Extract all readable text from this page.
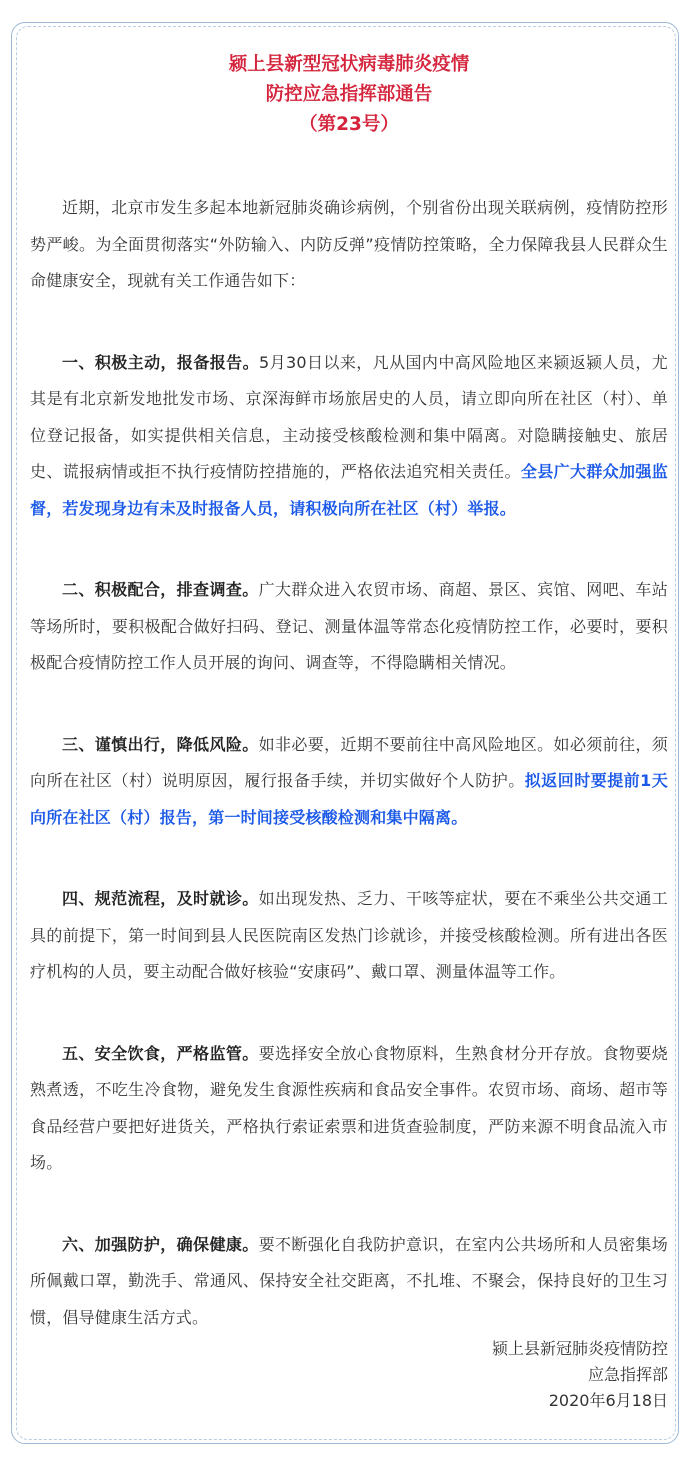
颍上县新型冠状病毒肺炎疫情
防控应急指挥部通告
（第23号）

近期，北京市发生多起本地新冠肺炎确诊病例，个别省份出现关联病例，疫情防控形势严峻。为全面贯彻落实“外防输入、内防反弹”疫情防控策略，全力保障我县人民群众生命健康安全，现就有关工作通告如下：

一、积极主动，报备报告。5月30日以来，凡从国内中高风险地区来颍返颍人员，尤其是有北京新发地批发市场、京深海鲜市场旅居史的人员，请立即向所在社区（村）、单位登记报备，如实提供相关信息，主动接受核酸检测和集中隔离。对隐瞒接触史、旅居史、谎报病情或拒不执行疫情防控措施的，严格依法追究相关责任。全县广大群众加强监督，若发现身边有未及时报备人员，请积极向所在社区（村）举报。

二、积极配合，排查调查。广大群众进入农贸市场、商超、景区、宾馆、网吧、车站等场所时，要积极配合做好扫码、登记、测量体温等常态化疫情防控工作，必要时，要积极配合疫情防控工作人员开展的询问、调查等，不得隐瞒相关情况。

三、谨慎出行，降低风险。如非必要，近期不要前往中高风险地区。如必须前往，须向所在社区（村）说明原因，履行报备手续，并切实做好个人防护。拟返回时要提前1天向所在社区（村）报告，第一时间接受核酸检测和集中隔离。

四、规范流程，及时就诊。如出现发热、乏力、干咳等症状，要在不乘坐公共交通工具的前提下，第一时间到县人民医院南区发热门诊就诊，并接受核酸检测。所有进出各医疗机构的人员，要主动配合做好核验“安康码”、戴口罩、测量体温等工作。

五、安全饮食，严格监管。要选择安全放心食物原料，生熟食材分开存放。食物要烧熟煮透，不吃生冷食物，避免发生食源性疾病和食品安全事件。农贸市场、商场、超市等食品经营户要把好进货关，严格执行索证索票和进货查验制度，严防来源不明食品流入市场。

六、加强防护，确保健康。要不断强化自我防护意识，在室内公共场所和人员密集场所佩戴口罩，勤洗手、常通风、保持安全社交距离，不扎堆、不聚会，保持良好的卫生习惯，倡导健康生活方式。

颍上县新冠肺炎疫情防控
应急指挥部
2020年6月18日
